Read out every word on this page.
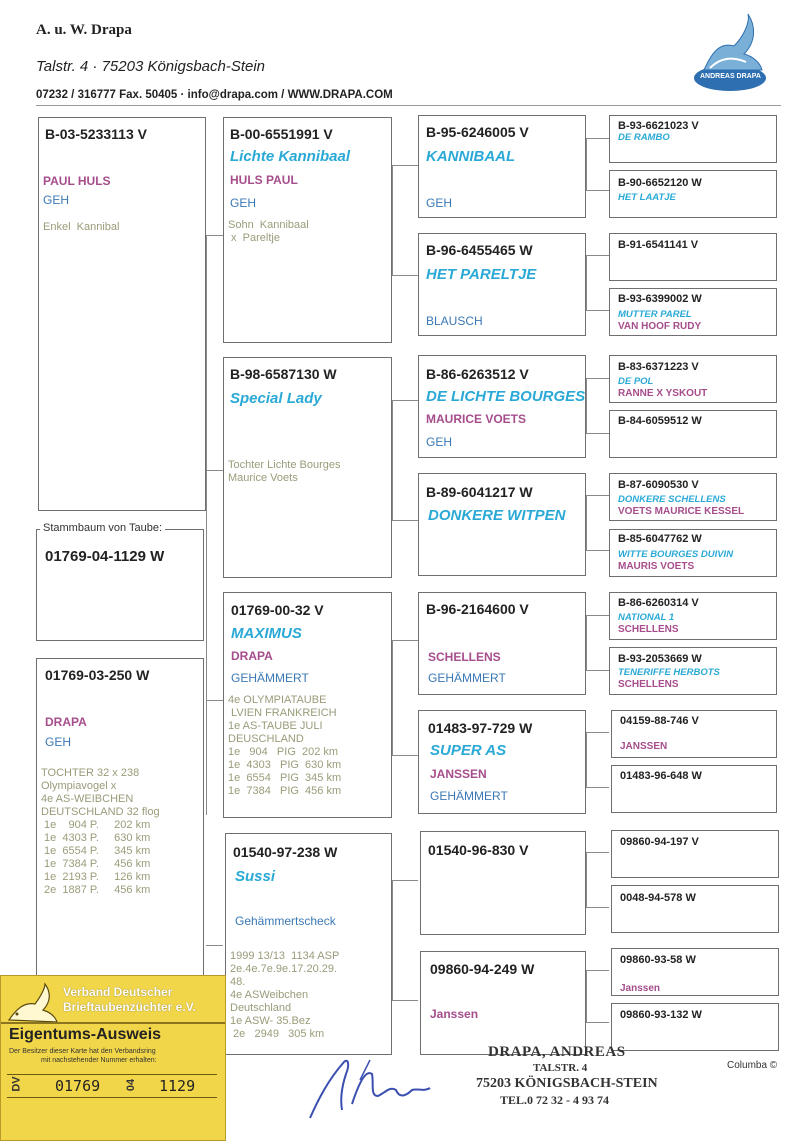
A. u. W. Drapa
Talstr. 4 · 75203 Königsbach-Stein
07232 / 316777 Fax. 50405 · info@drapa.com / WWW.DRAPA.COM
ANDREAS DRAPA
B-03-5233113 V
PAUL HULS
GEH
Enkel  Kannibal
Stammbaum von Taube:
01769-04-1129 W
01769-03-250 W
DRAPA
GEH
TOCHTER 32 x 238
Olympiavogel x
4e AS-WEIBCHEN
DEUTSCHLAND 32 flog
1e    904 P.     202 km
1e  4303 P.     630 km
1e  6554 P.     345 km
1e  7384 P.     456 km
1e  2193 P.     126 km
2e  1887 P.     456 km
B-00-6551991 V
Lichte Kannibaal
HULS PAUL
GEH
Sohn  Kannibaal
x  Pareltje
B-98-6587130 W
Special Lady
Tochter Lichte Bourges
Maurice Voets
01769-00-32 V
MAXIMUS
DRAPA
GEHÄMMERT
4e OLYMPIATAUBE
LVIEN FRANKREICH
1e AS-TAUBE JULI
DEUSCHLAND
1e   904   PIG  202 km
1e  4303   PIG  630 km
1e  6554   PIG  345 km
1e  7384   PIG  456 km
01540-97-238 W
Sussi
Gehämmertscheck
1999 13/13  1134 ASP
2e.4e.7e.9e.17.20.29.
48.
4e ASWeibchen
Deutschland
1e ASW- 35.Bez
2e   2949   305 km
B-95-6246005 V
KANNIBAAL
GEH
B-96-6455465 W
HET PARELTJE
BLAUSCH
B-86-6263512 V
DE LICHTE BOURGES
MAURICE VOETS
GEH
B-89-6041217 W
DONKERE WITPEN
B-96-2164600 V
SCHELLENS
GEHÄMMERT
01483-97-729 W
SUPER AS
JANSSEN
GEHÄMMERT
01540-96-830 V
09860-94-249 W
Janssen
B-93-6621023 V
DE RAMBO
B-90-6652120 W
HET LAATJE
B-91-6541141 V
B-93-6399002 W
MUTTER PAREL
VAN HOOF RUDY
B-83-6371223 V
DE POL
RANNE X YSKOUT
B-84-6059512 W
B-87-6090530 V
DONKERE SCHELLENS
VOETS MAURICE KESSEL
B-85-6047762 W
WITTE BOURGES DUIVIN
MAURIS VOETS
B-86-6260314 V
NATIONAL 1
SCHELLENS
B-93-2053669 W
TENERIFFE HERBOTS
SCHELLENS
04159-88-746 V
JANSSEN
01483-96-648 W
09860-94-197 V
0048-94-578 W
09860-93-58 W
Janssen
09860-93-132 W
DRAPA, ANDREAS
TALSTR. 4
75203 KÖNIGSBACH-STEIN
TEL.0 72 32 - 4 93 74
Columba ©
Verband Deutscher
Brieftaubenzüchter e.V.
Eigentums-Ausweis
Der Besitzer dieser Karte hat den Verbandsring
mit nachstehender Nummer erhalten:
DV 01769 04 1129
